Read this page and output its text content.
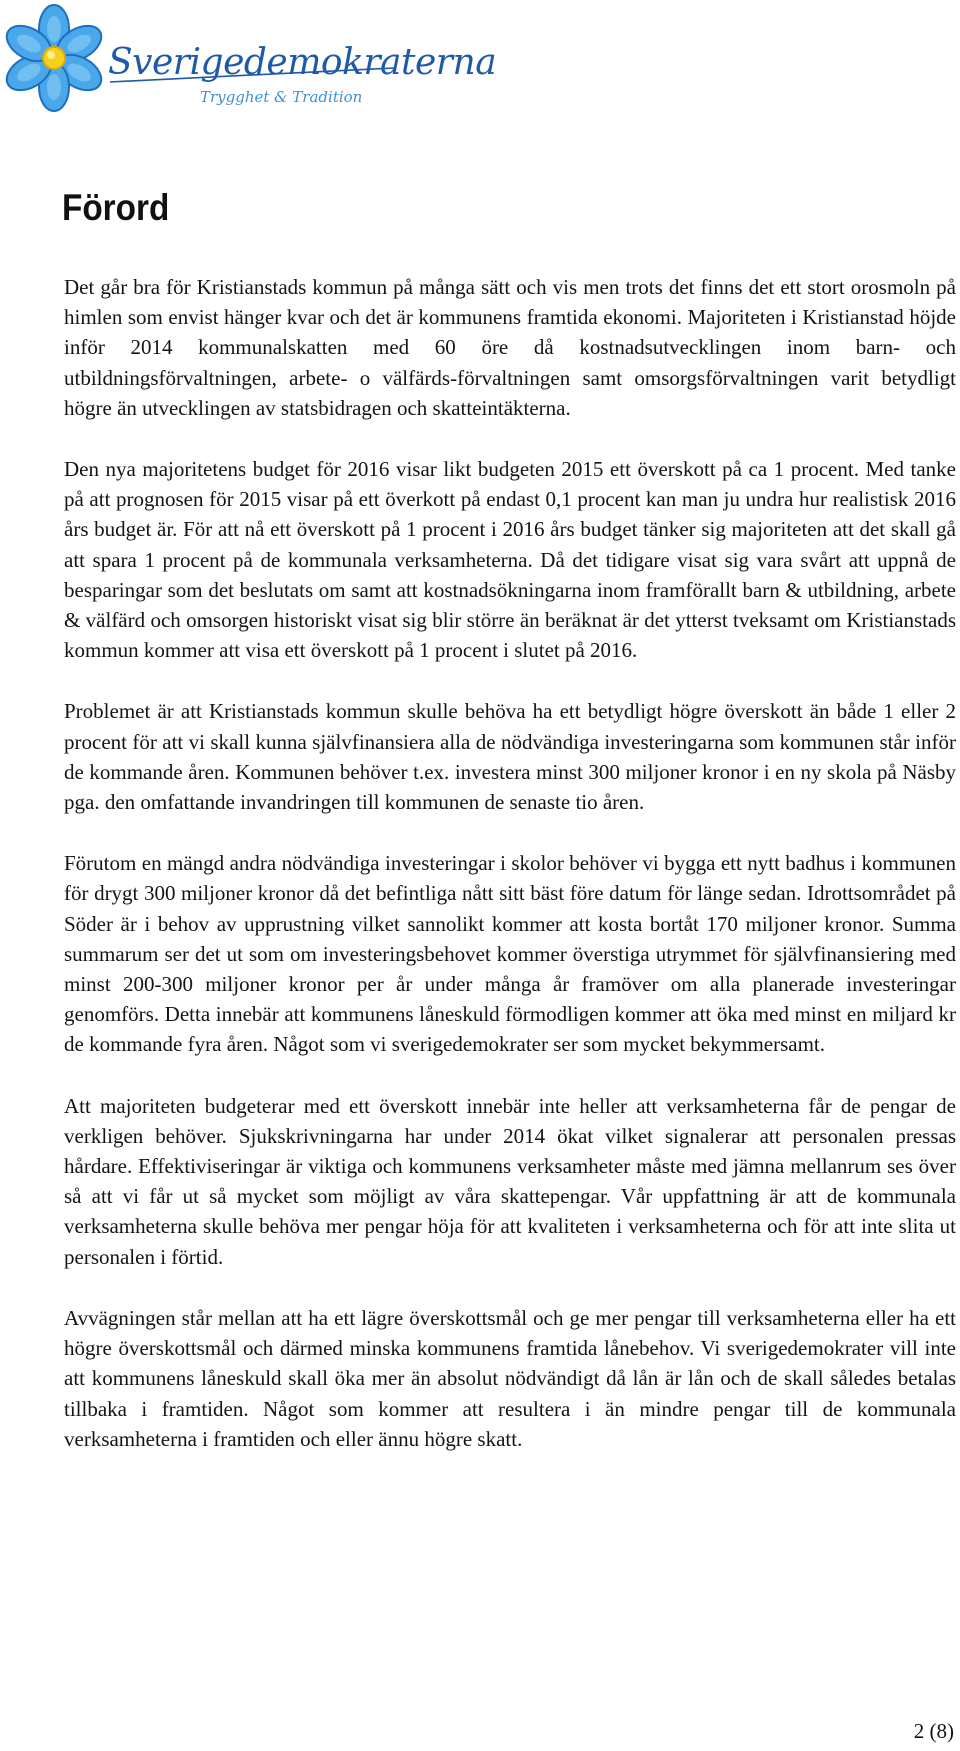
Sverigedemokraterna
Trygghet & Tradition
Förord

Det går bra för Kristianstads kommun på många sätt och vis men trots det finns det ett stort orosmoln på himlen som envist hänger kvar och det är kommunens framtida ekonomi. Majoriteten i Kristianstad höjde inför 2014 kommunalskatten med 60 öre då kostnadsutvecklingen inom barn- och utbildningsförvaltningen, arbete- o välfärds-förvaltningen samt omsorgsförvaltningen varit betydligt högre än utvecklingen av statsbidragen och skatteintäkterna.

Den nya majoritetens budget för 2016 visar likt budgeten 2015 ett överskott på ca 1 procent. Med tanke på att prognosen för 2015 visar på ett överkott på endast 0,1 procent kan man ju undra hur realistisk 2016 års budget är. För att nå ett överskott på 1 procent i 2016 års budget tänker sig majoriteten att det skall gå att spara 1 procent på de kommunala verksamheterna. Då det tidigare visat sig vara svårt att uppnå de besparingar som det beslutats om samt att kostnadsökningarna inom framförallt barn & utbildning, arbete & välfärd och omsorgen historiskt visat sig blir större än beräknat är det ytterst tveksamt om Kristianstads kommun kommer att visa ett överskott på 1 procent i slutet på 2016.

Problemet är att Kristianstads kommun skulle behöva ha ett betydligt högre överskott än både 1 eller 2 procent för att vi skall kunna självfinansiera alla de nödvändiga investeringarna som kommunen står inför de kommande åren. Kommunen behöver t.ex. investera minst 300 miljoner kronor i en ny skola på Näsby pga. den omfattande invandringen till kommunen de senaste tio åren.

Förutom en mängd andra nödvändiga investeringar i skolor behöver vi bygga ett nytt badhus i kommunen för drygt 300 miljoner kronor då det befintliga nått sitt bäst före datum för länge sedan. Idrottsområdet på Söder är i behov av upprustning vilket sannolikt kommer att kosta bortåt 170 miljoner kronor. Summa summarum ser det ut som om investeringsbehovet kommer överstiga utrymmet för självfinansiering med minst 200-300 miljoner kronor per år under många år framöver om alla planerade investeringar genomförs. Detta innebär att kommunens låneskuld förmodligen kommer att öka med minst en miljard kr de kommande fyra åren. Något som vi sverigedemokrater ser som mycket bekymmersamt.

Att majoriteten budgeterar med ett överskott innebär inte heller att verksamheterna får de pengar de verkligen behöver. Sjukskrivningarna har under 2014 ökat vilket signalerar att personalen pressas hårdare. Effektiviseringar är viktiga och kommunens verksamheter måste med jämna mellanrum ses över så att vi får ut så mycket som möjligt av våra skattepengar. Vår uppfattning är att de kommunala verksamheterna skulle behöva mer pengar höja för att kvaliteten i verksamheterna och för att inte slita ut personalen i förtid.

Avvägningen står mellan att ha ett lägre överskottsmål och ge mer pengar till verksamheterna eller ha ett högre överskottsmål och därmed minska kommunens framtida lånebehov. Vi sverigedemokrater vill inte att kommunens låneskuld skall öka mer än absolut nödvändigt då lån är lån och de skall således betalas tillbaka i framtiden. Något som kommer att resultera i än mindre pengar till de kommunala verksamheterna i framtiden och eller ännu högre skatt.

2 (8)
